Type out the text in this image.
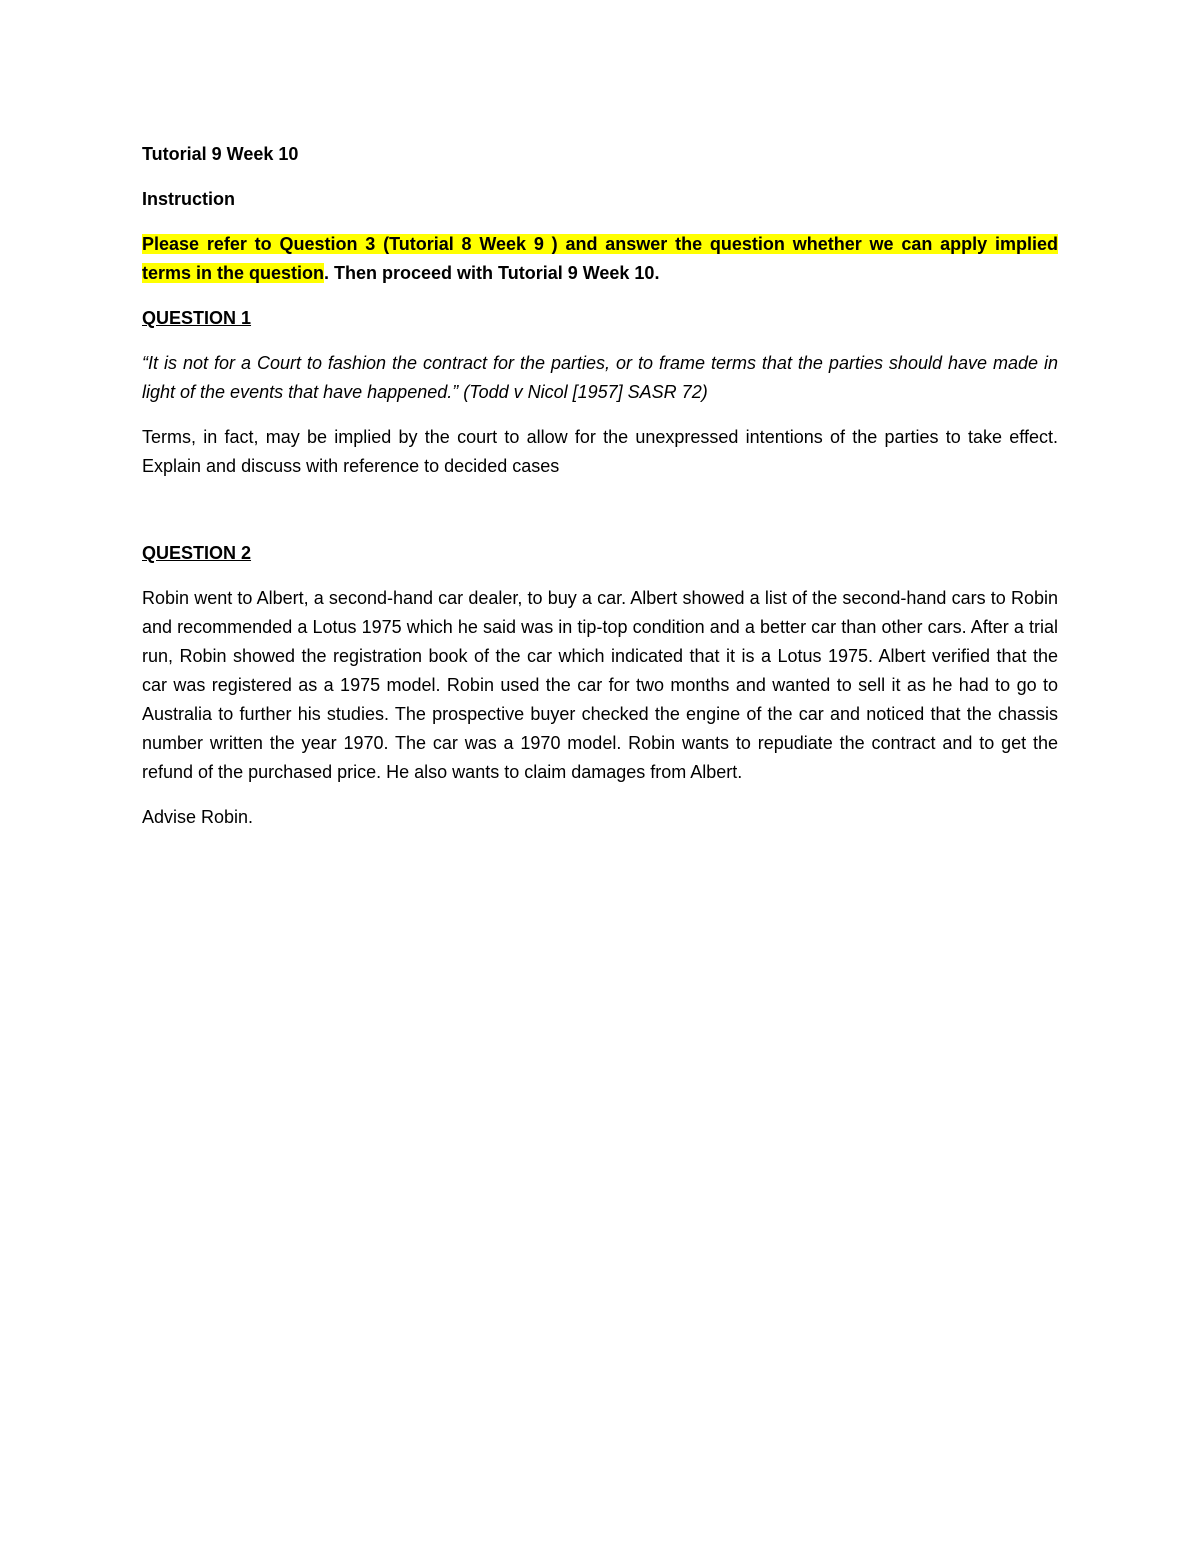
Tutorial 9 Week 10

Instruction

Please refer to Question 3 (Tutorial 8 Week 9 ) and answer the question whether we can apply implied terms in the question. Then proceed with Tutorial 9 Week 10.

QUESTION 1

“It is not for a Court to fashion the contract for the parties, or to frame terms that the parties should have made in light of the events that have happened.” (Todd v Nicol [1957] SASR 72)

Terms, in fact, may be implied by the court to allow for the unexpressed intentions of the parties to take effect. Explain and discuss with reference to decided cases

QUESTION 2

Robin went to Albert, a second-hand car dealer, to buy a car. Albert showed a list of the second-hand cars to Robin and recommended a Lotus 1975 which he said was in tip-top condition and a better car than other cars. After a trial run, Robin showed the registration book of the car which indicated that it is a Lotus 1975. Albert verified that the car was registered as a 1975 model. Robin used the car for two months and wanted to sell it as he had to go to Australia to further his studies. The prospective buyer checked the engine of the car and noticed that the chassis number written the year 1970. The car was a 1970 model. Robin wants to repudiate the contract and to get the refund of the purchased price. He also wants to claim damages from Albert.

Advise Robin.
